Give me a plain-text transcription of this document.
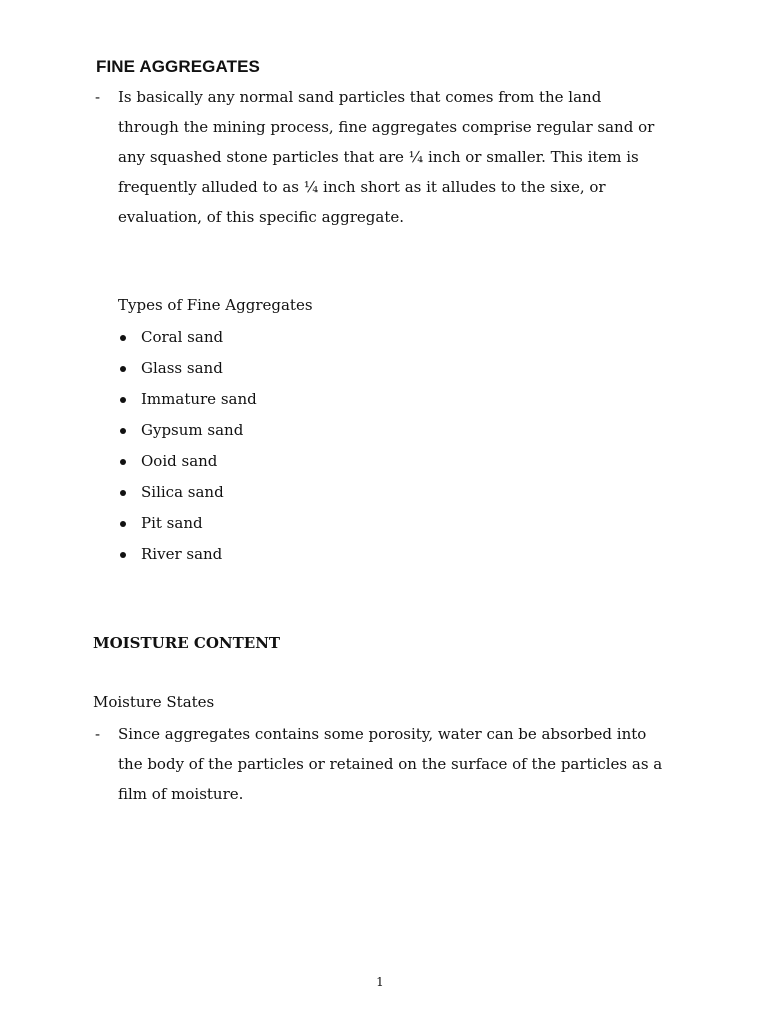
FINE AGGREGATES
- Is basically any normal sand particles that comes from the land
through the mining process, fine aggregates comprise regular sand or
any squashed stone particles that are ¼ inch or smaller. This item is
frequently alluded to as ¼ inch short as it alludes to the sixe, or
evaluation, of this specific aggregate.

Types of Fine Aggregates

Coral sand
Glass sand
Immature sand
Gypsum sand
Ooid sand
Silica sand
Pit sand
River sand
MOISTURE CONTENT

Moisture States

- Since aggregates contains some porosity, water can be absorbed into
the body of the particles or retained on the surface of the particles as a
film of moisture.

1
